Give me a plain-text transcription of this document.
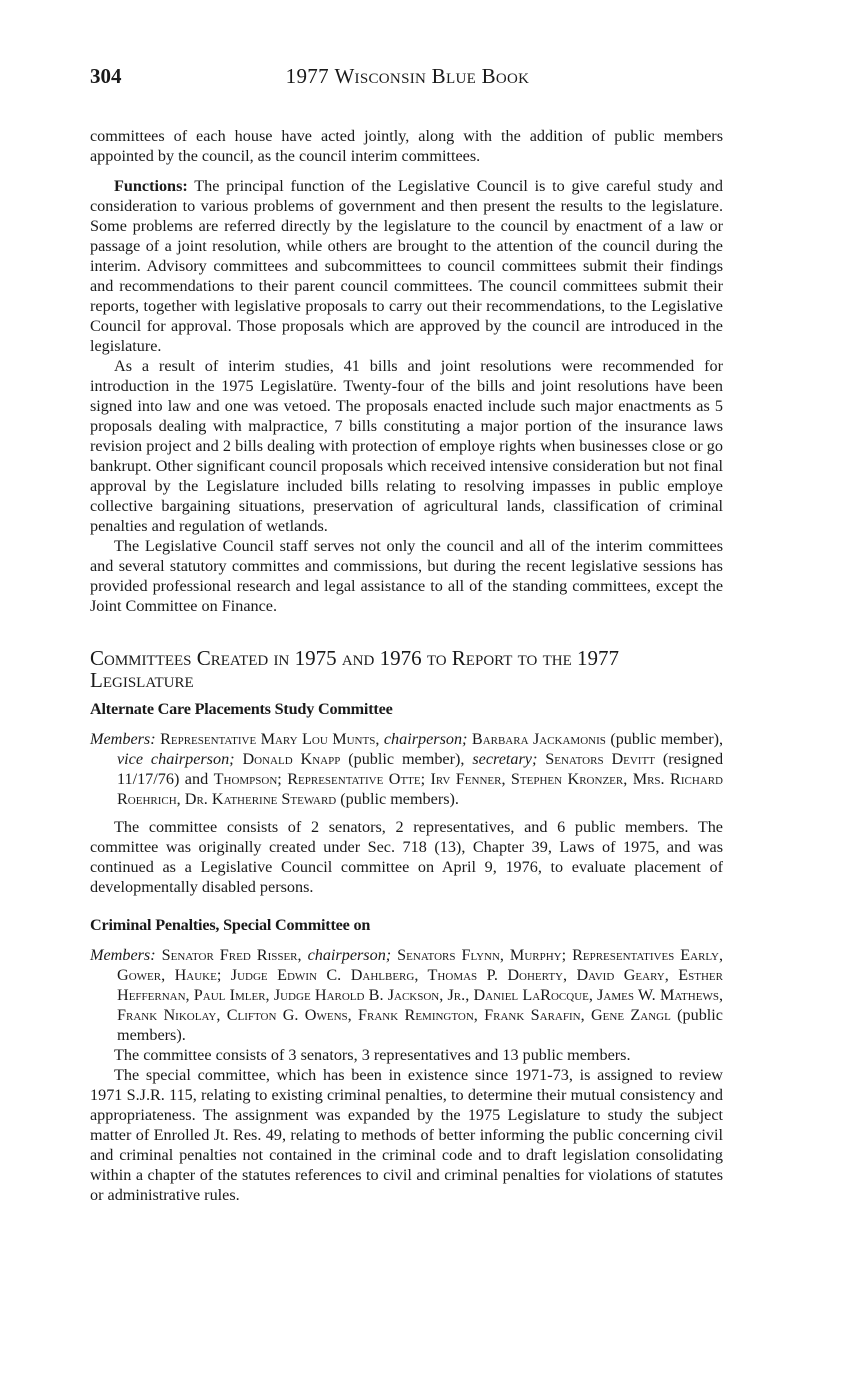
304	1977 Wisconsin Blue Book

committees of each house have acted jointly, along with the addition of public members appointed by the council, as the council interim committees.

Functions: The principal function of the Legislative Council is to give careful study and consideration to various problems of government and then present the results to the legislature. Some problems are referred directly by the legislature to the council by enactment of a law or passage of a joint resolution, while others are brought to the attention of the council during the interim. Advisory committees and subcommittees to council committees submit their findings and recommendations to their parent council committees. The council committees submit their reports, together with legislative proposals to carry out their recommendations, to the Legislative Council for approval. Those proposals which are approved by the council are introduced in the legislature.

As a result of interim studies, 41 bills and joint resolutions were recommended for introduction in the 1975 Legislatüre. Twenty-four of the bills and joint resolutions have been signed into law and one was vetoed. The proposals enacted include such major enactments as 5 proposals dealing with malpractice, 7 bills constituting a major portion of the insurance laws revision project and 2 bills dealing with protection of employe rights when businesses close or go bankrupt. Other significant council proposals which received intensive consideration but not final approval by the Legislature included bills relating to resolving impasses in public employe collective bargaining situations, preservation of agricultural lands, classification of criminal penalties and regulation of wetlands.

The Legislative Council staff serves not only the council and all of the interim committees and several statutory committes and commissions, but during the recent legislative sessions has provided professional research and legal assistance to all of the standing committees, except the Joint Committee on Finance.

Committees Created in 1975 and 1976 to Report to the 1977 Legislature
Alternate Care Placements Study Committee

Members: Representative Mary Lou Munts, chairperson; Barbara Jackamonis (public member), vice chairperson; Donald Knapp (public member), secretary; Senators Devitt (resigned 11/17/76) and Thompson; Representative Otte; Irv Fenner, Stephen Kronzer, Mrs. Richard Roehrich, Dr. Katherine Steward (public members).

The committee consists of 2 senators, 2 representatives, and 6 public members. The committee was originally created under Sec. 718 (13), Chapter 39, Laws of 1975, and was continued as a Legislative Council committee on April 9, 1976, to evaluate placement of developmentally disabled persons.

Criminal Penalties, Special Committee on

Members: Senator Fred Risser, chairperson; Senators Flynn, Murphy; Representatives Early, Gower, Hauke; Judge Edwin C. Dahlberg, Thomas P. Doherty, David Geary, Esther Heffernan, Paul Imler, Judge Harold B. Jackson, Jr., Daniel LaRocque, James W. Mathews, Frank Nikolay, Clifton G. Owens, Frank Remington, Frank Sarafin, Gene Zangl (public members).

The committee consists of 3 senators, 3 representatives and 13 public members.

The special committee, which has been in existence since 1971-73, is assigned to review 1971 S.J.R. 115, relating to existing criminal penalties, to determine their mutual consistency and appropriateness. The assignment was expanded by the 1975 Legislature to study the subject matter of Enrolled Jt. Res. 49, relating to methods of better informing the public concerning civil and criminal penalties not contained in the criminal code and to draft legislation consolidating within a chapter of the statutes references to civil and criminal penalties for violations of statutes or administrative rules.
